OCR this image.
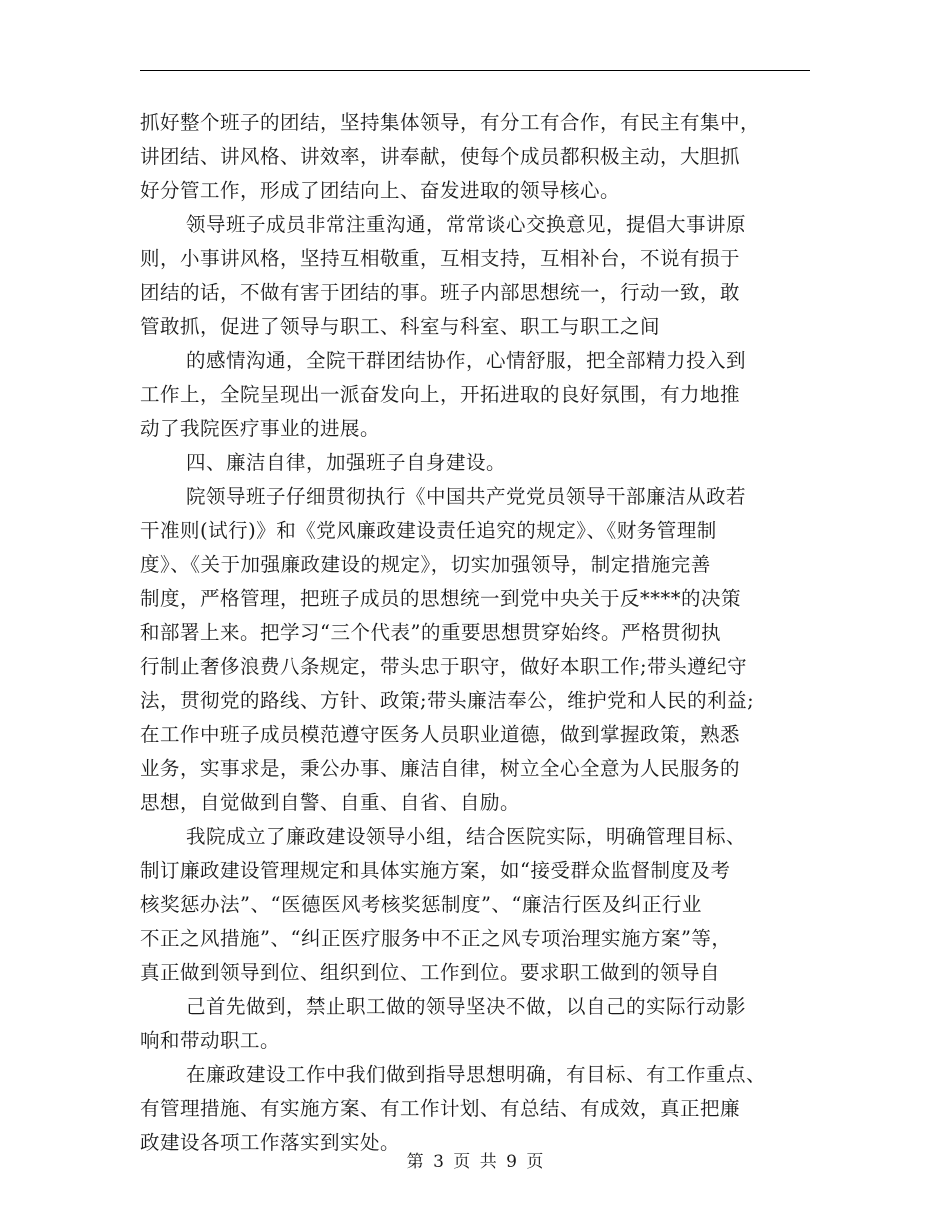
抓好整个班子的团结，坚持集体领导，有分工有合作，有民主有集中，
讲团结、讲风格、讲效率，讲奉献，使每个成员都积极主动，大胆抓
好分管工作，形成了团结向上、奋发进取的领导核心。
领导班子成员非常注重沟通，常常谈心交换意见，提倡大事讲原
则，小事讲风格，坚持互相敬重，互相支持，互相补台，不说有损于
团结的话，不做有害于团结的事。班子内部思想统一，行动一致，敢
管敢抓，促进了领导与职工、科室与科室、职工与职工之间
的感情沟通，全院干群团结协作，心情舒服，把全部精力投入到
工作上，全院呈现出一派奋发向上，开拓进取的良好氛围，有力地推
动了我院医疗事业的进展。
四、廉洁自律，加强班子自身建设。
院领导班子仔细贯彻执行《中国共产党党员领导干部廉洁从政若
干准则(试行)》和《党风廉政建设责任追究的规定》、《财务管理制
度》、《关于加强廉政建设的规定》，切实加强领导，制定措施完善
制度，严格管理，把班子成员的思想统一到党中央关于反****的决策
和部署上来。把学习“三个代表”的重要思想贯穿始终。严格贯彻执
行制止奢侈浪费八条规定，带头忠于职守，做好本职工作;带头遵纪守
法，贯彻党的路线、方针、政策;带头廉洁奉公，维护党和人民的利益;
在工作中班子成员模范遵守医务人员职业道德，做到掌握政策，熟悉
业务，实事求是，秉公办事、廉洁自律，树立全心全意为人民服务的
思想，自觉做到自警、自重、自省、自励。
我院成立了廉政建设领导小组，结合医院实际，明确管理目标、
制订廉政建设管理规定和具体实施方案，如“接受群众监督制度及考
核奖惩办法”、“医德医风考核奖惩制度”、“廉洁行医及纠正行业
不正之风措施”、“纠正医疗服务中不正之风专项治理实施方案”等，
真正做到领导到位、组织到位、工作到位。要求职工做到的领导自
己首先做到，禁止职工做的领导坚决不做，以自己的实际行动影
响和带动职工。
在廉政建设工作中我们做到指导思想明确，有目标、有工作重点、
有管理措施、有实施方案、有工作计划、有总结、有成效，真正把廉
政建设各项工作落实到实处。
第 3 页 共 9 页
